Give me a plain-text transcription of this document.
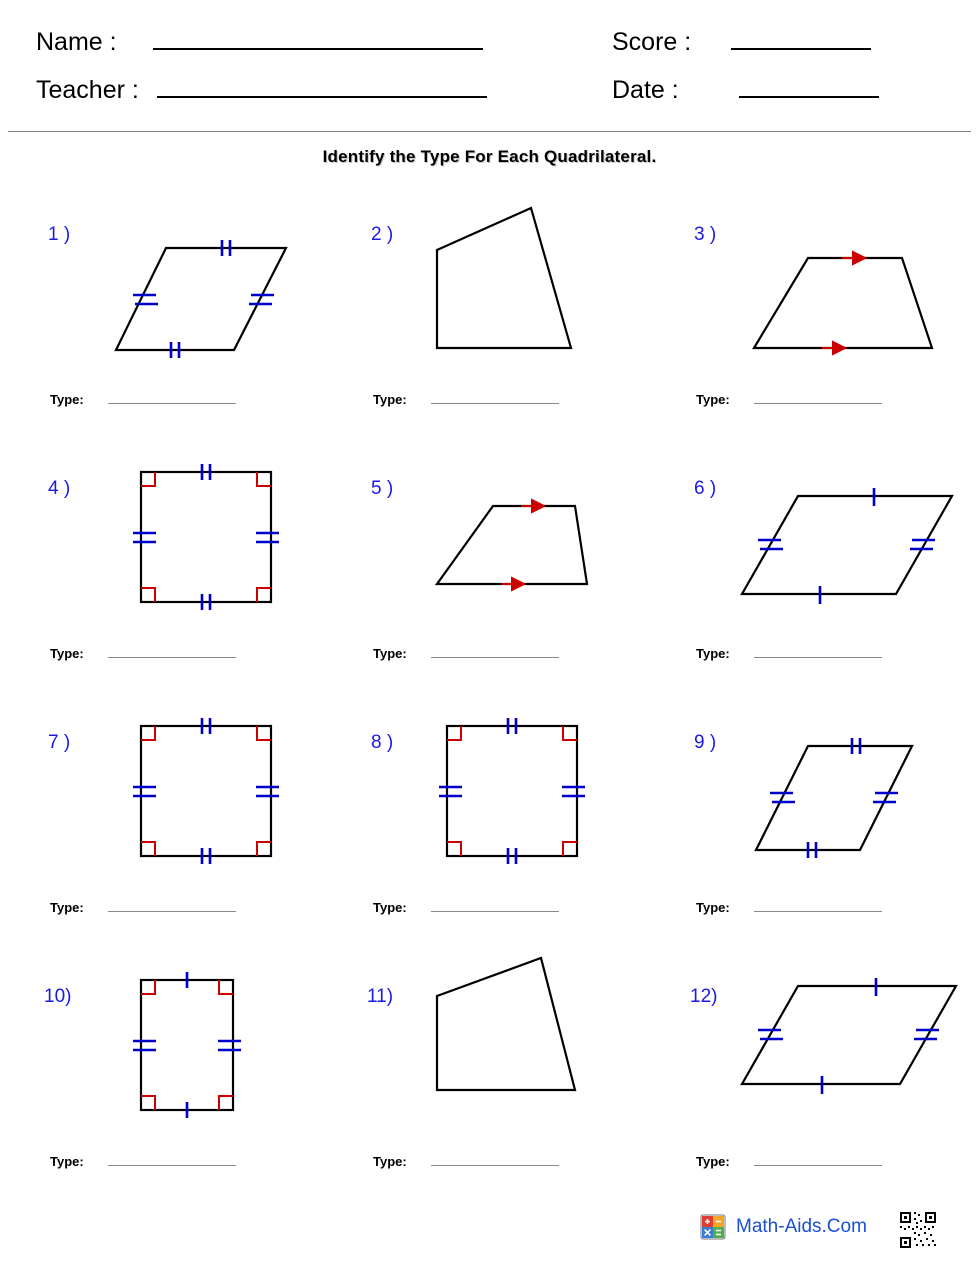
Name :
Teacher :
Score :
Date :
Identify the Type For Each Quadrilateral.
1 )
Type:
2 )
Type:
3 )
Type:
4 )
Type:
5 )
Type:
6 )
Type:
7 )
Type:
8 )
Type:
9 )
Type:
10)
Type:
11)
Type:
12)
Type:
Math-Aids.Com
